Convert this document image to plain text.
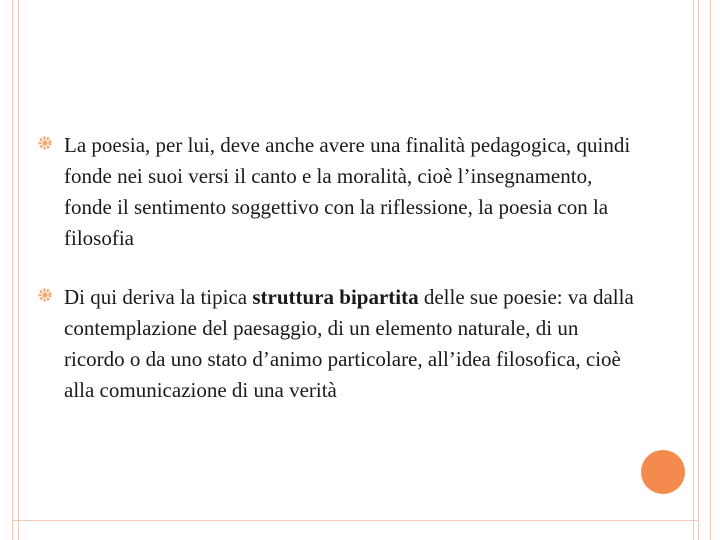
La poesia, per lui, deve anche avere una finalità pedagogica, quindi fonde nei suoi versi il canto e la moralità, cioè l’insegnamento, fonde il sentimento soggettivo con la riflessione, la poesia con la filosofia
Di qui deriva la tipica struttura bipartita delle sue poesie: va dalla contemplazione del paesaggio, di un elemento naturale, di un ricordo o da uno stato d’animo particolare, all’idea filosofica, cioè alla comunicazione di una verità
